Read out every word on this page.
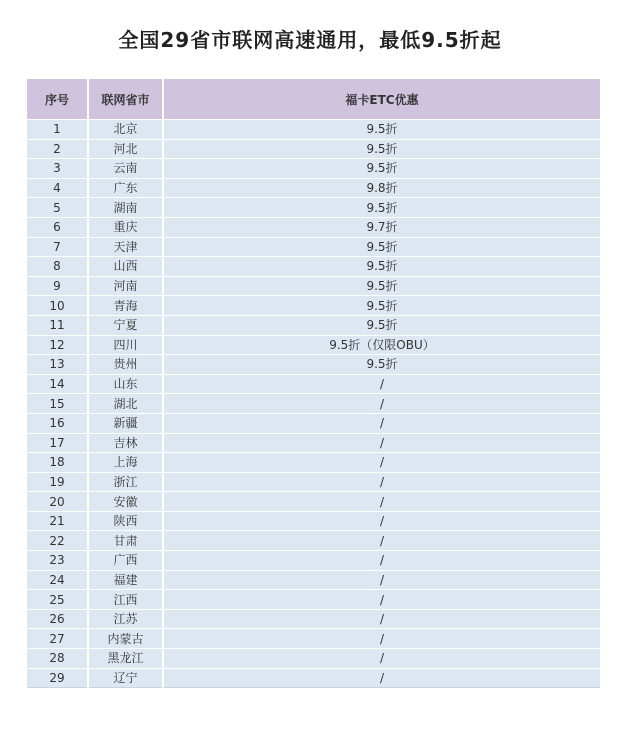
全国29省市联网高速通用，最低9.5折起
序号	联网省市	福卡ETC优惠
1	北京	9.5折
2	河北	9.5折
3	云南	9.5折
4	广东	9.8折
5	湖南	9.5折
6	重庆	9.7折
7	天津	9.5折
8	山西	9.5折
9	河南	9.5折
10	青海	9.5折
11	宁夏	9.5折
12	四川	9.5折（仅限OBU）
13	贵州	9.5折
14	山东	/
15	湖北	/
16	新疆	/
17	吉林	/
18	上海	/
19	浙江	/
20	安徽	/
21	陕西	/
22	甘肃	/
23	广西	/
24	福建	/
25	江西	/
26	江苏	/
27	内蒙古	/
28	黑龙江	/
29	辽宁	/
